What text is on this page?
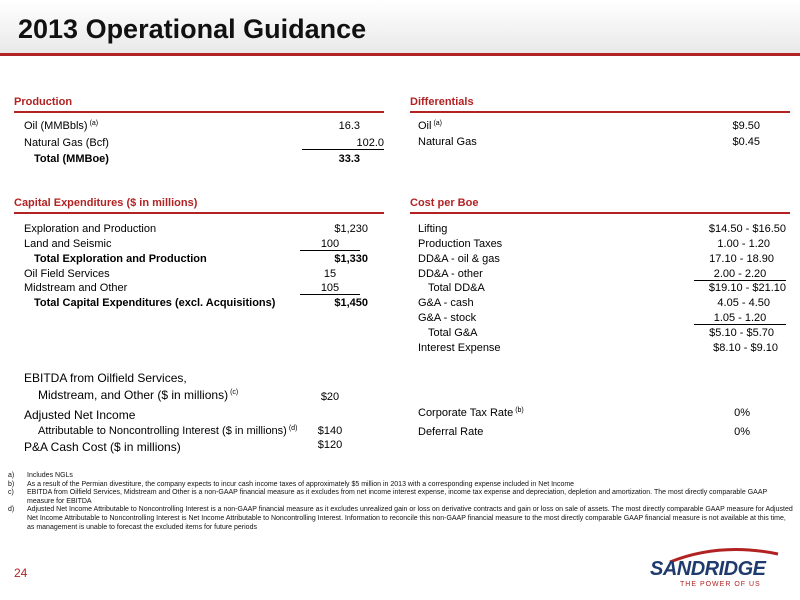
2013 Operational Guidance
Production
Oil (MMBbls) $^{(a)}$	16.3
Natural Gas (Bcf)	102.0
Total (MMBoe)	33.3
Differentials
Oil $^{(a)}$	$9.50
Natural Gas	$0.45
Capital Expenditures ($ in millions)
Exploration and Production	$1,230
Land and Seismic	100
Total Exploration and Production	$1,330
Oil Field Services	15
Midstream and Other	105
Total Capital Expenditures (excl. Acquisitions)	$1,450
Cost per Boe
Lifting	$14.50 - $16.50
Production Taxes	1.00 - 1.20
DD&A - oil & gas	17.10 - 18.90
DD&A - other	2.00 - 2.20
Total DD&A	$19.10 - $21.10
G&A - cash	4.05 - 4.50
G&A - stock	1.05 - 1.20
Total G&A	$5.10 - $5.70
Interest Expense	$8.10 - $9.10
EBITDA from Oilfield Services,
Midstream, and Other ($ in millions) $^{(c)}$	$20
Adjusted Net Income
Attributable to Noncontrolling Interest ($ in millions) $^{(d)}$	$140
P&A Cash Cost ($ in millions)	$120
Corporate Tax Rate $^{(b)}$	0%
Deferral Rate	0%
a)	Includes NGLs
b)	As a result of the Permian divestiture, the company expects to incur cash income taxes of approximately $5 million in 2013 with a corresponding expense included in Net Income
c)	EBITDA from Oilfield Services, Midstream and Other is a non-GAAP financial measure as it excludes from net income interest expense, income tax expense and depreciation, depletion and amortization. The most directly comparable GAAP measure for EBITDA
d)	Adjusted Net Income Attributable to Noncontrolling Interest is a non-GAAP financial measure as it excludes unrealized gain or loss on derivative contracts and gain or loss on sale of assets. The most directly comparable GAAP measure for Adjusted Net Income Attributable to Noncontrolling Interest is Net Income Attributable to Noncontrolling Interest. Information to reconcile this non-GAAP financial measure to the most directly comparable GAAP financial measure is not available at this time, as management is unable to forecast the excluded items for future periods
24	SANDRIDGE
THE POWER OF US
